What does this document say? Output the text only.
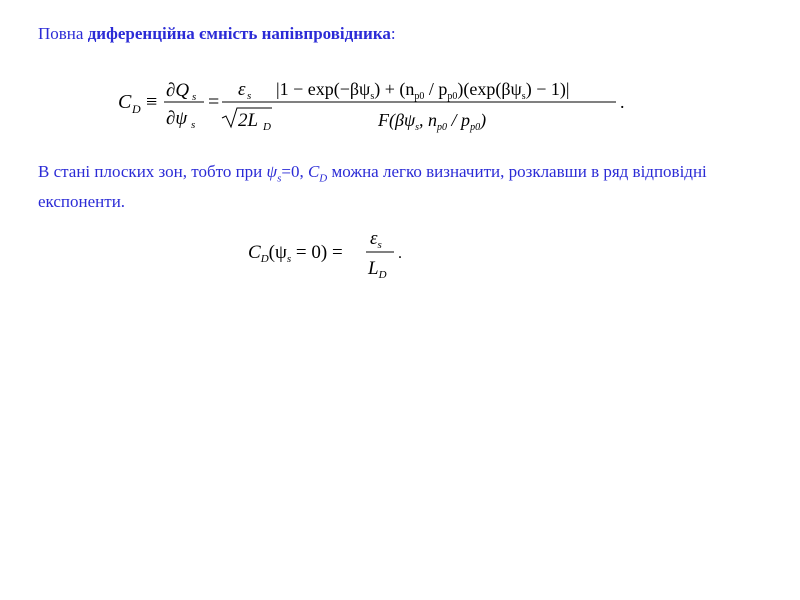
Повна диференційна ємність напівпровідника:
C D ≡
∂Q s
∂ψ s
=
ε s
2L D
$|1 - \exp(-\beta\psi_s) + (n_{p0} / p_{p0})(\exp(\beta\psi_s) - 1)|$
$F(\beta\psi_s$, $n_{p0} / p_{p0}$)
.
В стані плоских зон, тобто при $\psi_s=0$, $C_D$ можна легко визначити, розклавши в ряд відповідні експоненти.
$C_D(\psi_s = 0)$ =
$\varepsilon_s$
$L_D$
.
